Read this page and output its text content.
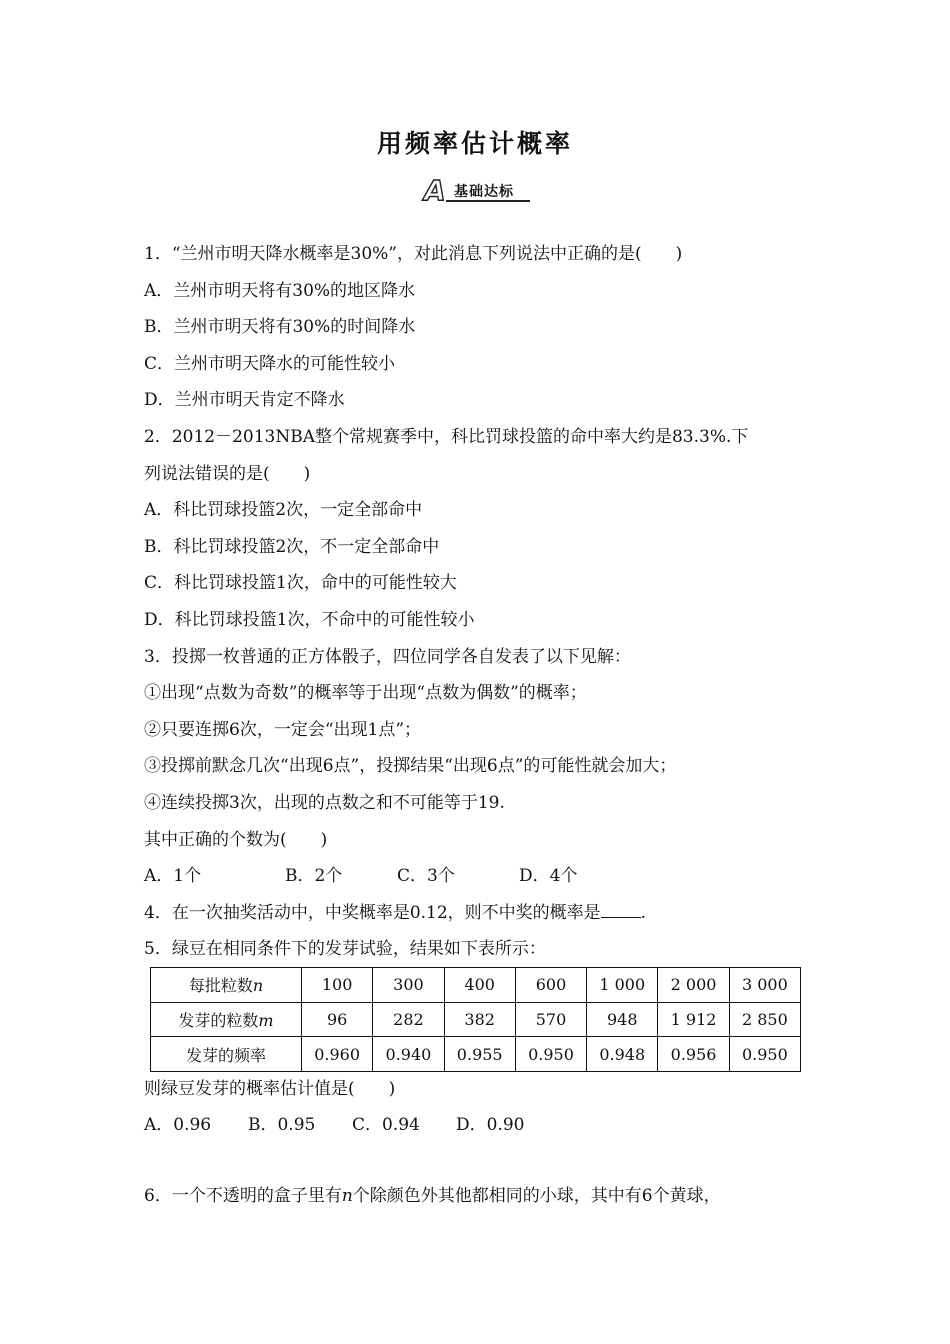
用频率估计概率
A 基础达标
1．“兰州市明天降水概率是30%”，对此消息下列说法中正确的是(　　)
A．兰州市明天将有30%的地区降水
B．兰州市明天将有30%的时间降水
C．兰州市明天降水的可能性较小
D．兰州市明天肯定不降水
2．2012－2013NBA整个常规赛季中，科比罚球投篮的命中率大约是83.3%.下
列说法错误的是(　　)
A．科比罚球投篮2次，一定全部命中
B．科比罚球投篮2次，不一定全部命中
C．科比罚球投篮1次，命中的可能性较大
D．科比罚球投篮1次，不命中的可能性较小
3．投掷一枚普通的正方体骰子，四位同学各自发表了以下见解：
①出现“点数为奇数”的概率等于出现“点数为偶数”的概率；
②只要连掷6次，一定会“出现1点”；
③投掷前默念几次“出现6点”，投掷结果“出现6点”的可能性就会加大；
④连续投掷3次，出现的点数之和不可能等于19.
其中正确的个数为(　　)
A．1个	B．2个	C．3个	D．4个
4．在一次抽奖活动中，中奖概率是0.12，则不中奖的概率是 .
5．绿豆在相同条件下的发芽试验，结果如下表所示：
每批粒数n	100	300	400	600	1 000	2 000	3 000
发芽的粒数m	96	282	382	570	948	1 912	2 850
发芽的频率	0.960	0.940	0.955	0.950	0.948	0.956	0.950
则绿豆发芽的概率估计值是(　　)
A．0.96 B．0.95 C．0.94 D．0.90
6．一个不透明的盒子里有n个除颜色外其他都相同的小球，其中有6个黄球，
